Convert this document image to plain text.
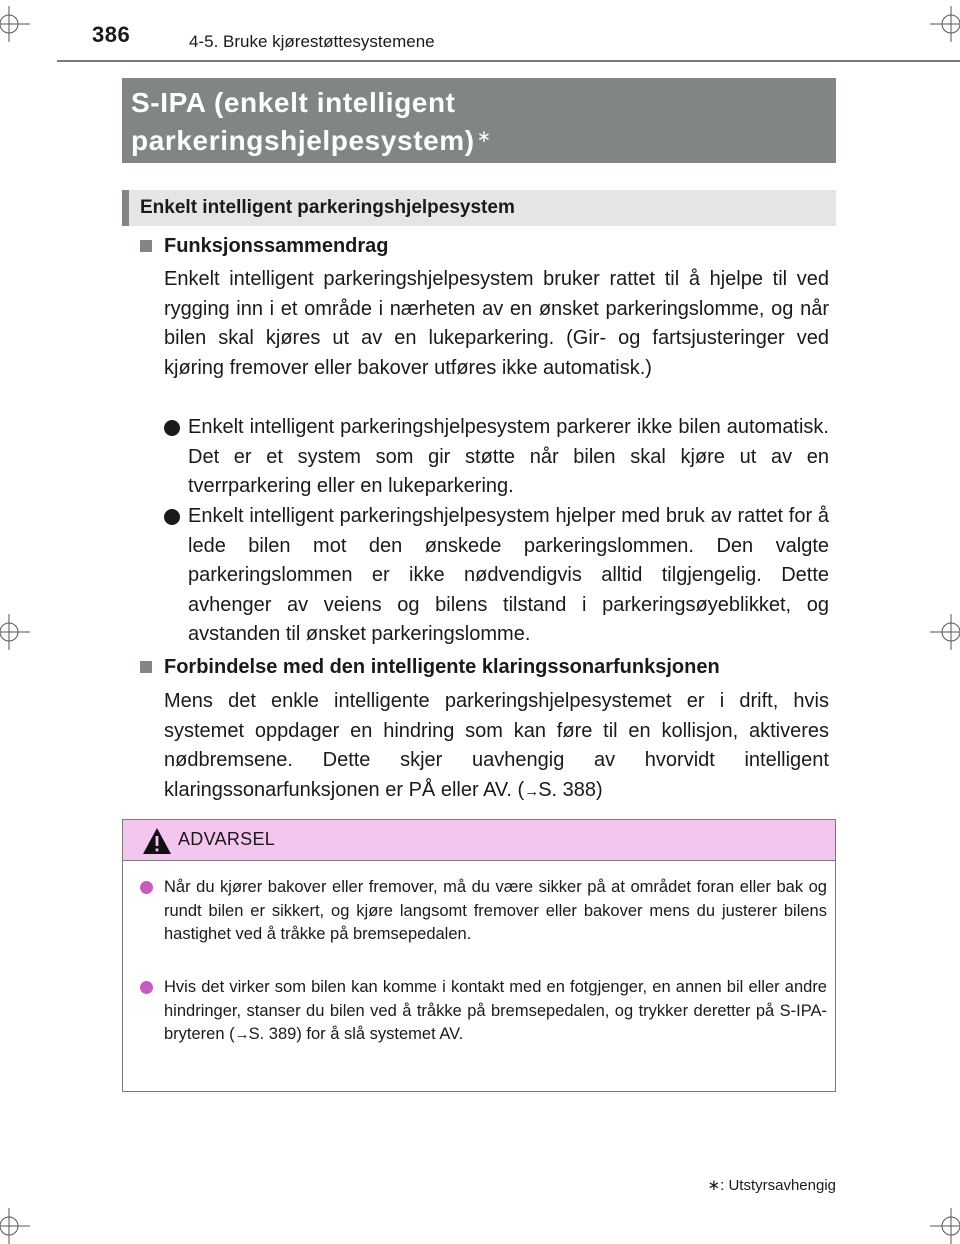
386	4-5. Bruke kjørestøttesystemene
S-IPA (enkelt intelligent
parkeringshjelpesystem) ∗
Enkelt intelligent parkeringshjelpesystem
Funksjonssammendrag
Enkelt intelligent parkeringshjelpesystem bruker rattet til å hjelpe til ved rygging inn i et område i nærheten av en ønsket parkeringslomme, og når bilen skal kjøres ut av en lukeparkering. (Gir- og fartsjusteringer ved kjøring fremover eller bakover utføres ikke automatisk.)
Enkelt intelligent parkeringshjelpesystem parkerer ikke bilen automatisk. Det er et system som gir støtte når bilen skal kjøre ut av en tverrparkering eller en lukeparkering.
Enkelt intelligent parkeringshjelpesystem hjelper med bruk av rattet for å lede bilen mot den ønskede parkeringslommen. Den valgte parkeringslommen er ikke nødvendigvis alltid tilgjengelig. Dette avhenger av veiens og bilens tilstand i parkeringsøyeblikket, og avstanden til ønsket parkeringslomme.
Forbindelse med den intelligente klaringssonarfunksjonen
Mens det enkle intelligente parkeringshjelpesystemet er i drift, hvis systemet oppdager en hindring som kan føre til en kollisjon, aktiveres nødbremsene. Dette skjer uavhengig av hvorvidt intelligent klaringssonarfunksjonen er PÅ eller AV. (→S. 388)
ADVARSEL
Når du kjører bakover eller fremover, må du være sikker på at området foran eller bak og rundt bilen er sikkert, og kjøre langsomt fremover eller bakover mens du justerer bilens hastighet ved å tråkke på bremsepedalen.
Hvis det virker som bilen kan komme i kontakt med en fotgjenger, en annen bil eller andre hindringer, stanser du bilen ved å tråkke på bremsepedalen, og trykker deretter på S-IPA-bryteren (→S. 389) for å slå systemet AV.
∗: Utstyrsavhengig
